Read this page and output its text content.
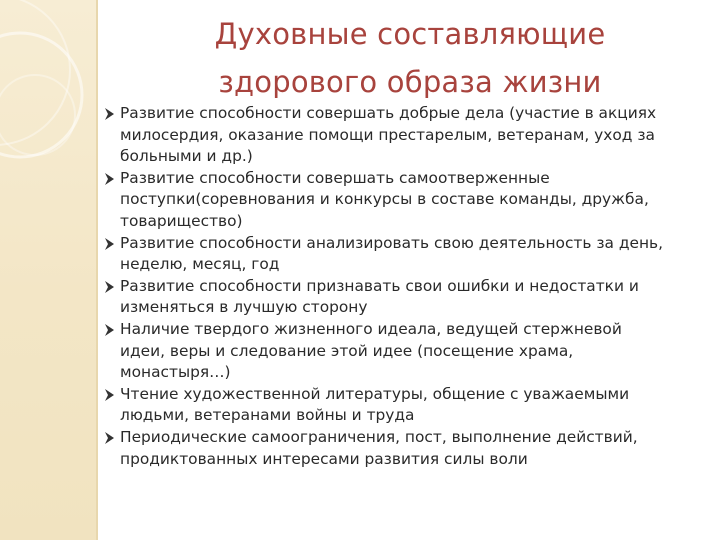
Духовные составляющие
здорового образа жизни
Развитие способности совершать добрые дела (участие в акциях милосердия, оказание помощи престарелым, ветеранам, уход за больными и др.)
Развитие способности совершать самоотверженные поступки(соревнования и конкурсы в составе команды, дружба, товарищество)
Развитие способности анализировать свою деятельность за день, неделю, месяц, год
Развитие способности признавать свои ошибки и недостатки и изменяться в лучшую сторону
Наличие твердого жизненного идеала, ведущей стержневой идеи, веры и следование этой идее (посещение храма, монастыря…)
Чтение художественной литературы, общение с уважаемыми людьми, ветеранами войны и труда
Периодические самоограничения, пост, выполнение действий, продиктованных интересами развития силы воли
